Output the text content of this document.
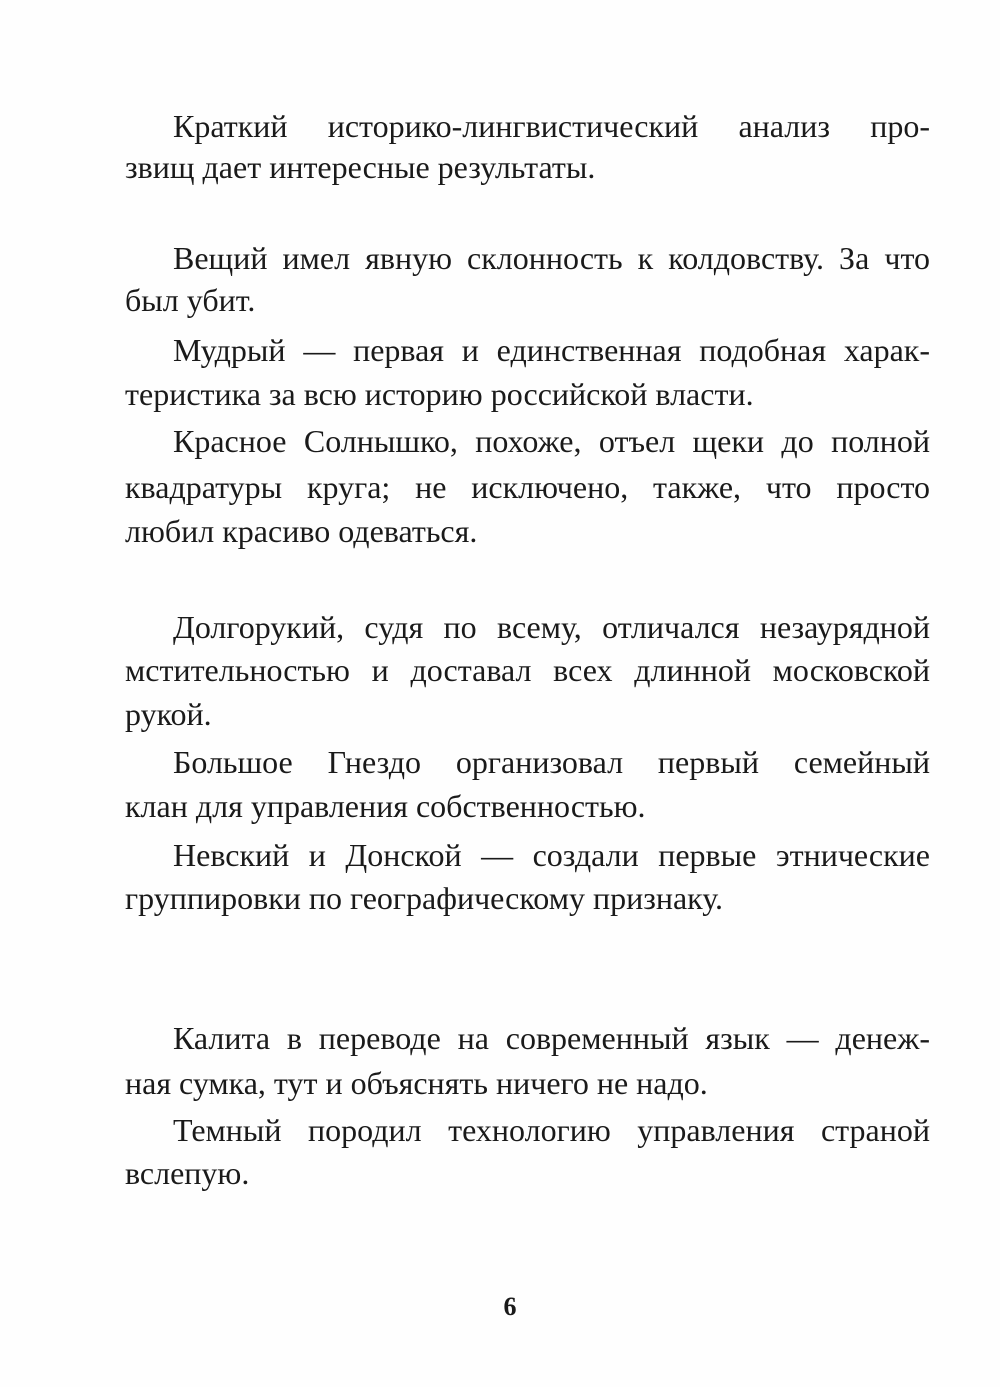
Краткий историко-лингвистический анализ про-
звищ дает интересные результаты.
Вещий имел явную склонность к колдовству. За что
был убит.
Мудрый — первая и единственная подобная харак-
теристика за всю историю российской власти.
Красное Солнышко, похоже, отъел щеки до полной
квадратуры круга; не исключено, также, что просто
любил красиво одеваться.
Долгорукий, судя по всему, отличался незаурядной
мстительностью и доставал всех длинной московской
рукой.
Большое Гнездо организовал первый семейный
клан для управления собственностью.
Невский и Донской — создали первые этнические
группировки по географическому признаку.
Калита в переводе на современный язык — денеж-
ная сумка, тут и объяснять ничего не надо.
Темный породил технологию управления страной
вслепую.
6
